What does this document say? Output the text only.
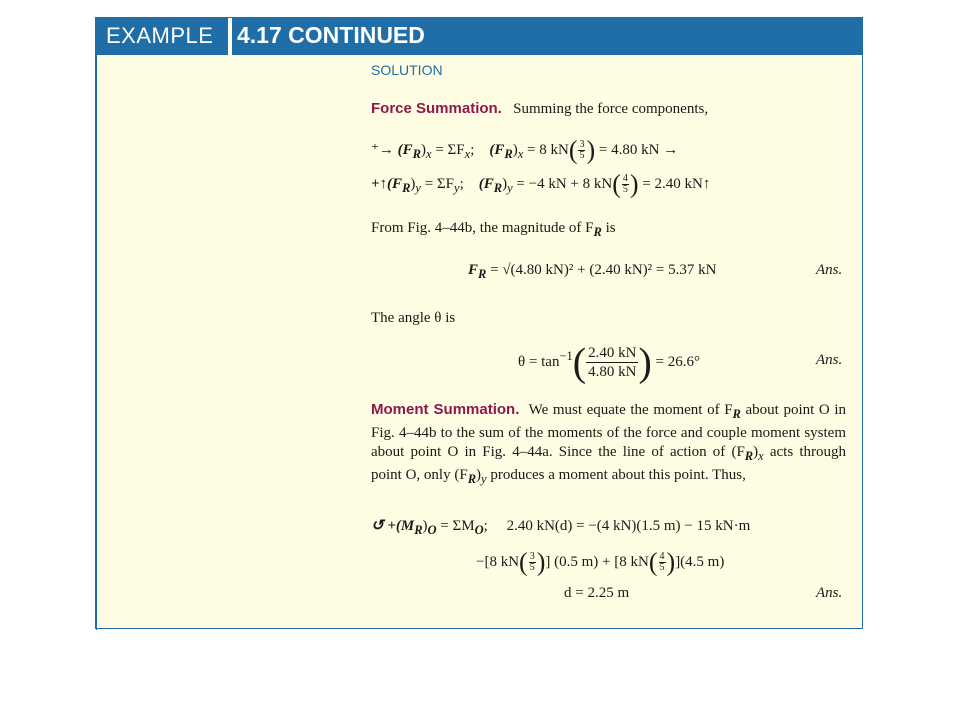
EXAMPLE 4.17 CONTINUED
SOLUTION
Force Summation. Summing the force components,
⁺→ $(F_R)_x = \Sigma F_x$;    $(F_R)_x = 8$ $kN( \frac{3}{5}$ ) = 4.80 kN →
$+↑(F_R)_y = \Sigma F_y$;    $(F_R)_y = -4$ kN + 8 $kN( \frac{4}{5}$ ) = 2.40 kN↑
From Fig. 4–44b, the magnitude of $F_R$ is
$F_R = √(4.80$ kN)² + (2.40 kN)² = 5.37 kN	Ans.
The angle θ is
$\theta = \tan^{-1}( \frac{2.40 kN}{4.80 kN}$ ) = 26.6°	Ans.
Moment Summation. We must equate the moment of $F_R$ about point O in Fig. 4–44b to the sum of the moments of the force and couple moment system about point O in Fig. 4–44a. Since the line of action of $(F_R)_x$ acts through point O, only $(F_R)_y$ produces a moment about this point. Thus,
↺ $+(M_R)_O = \Sigma M_O$;     2.40 kN(d) = −(4 kN)(1.5 m) − 15 kN·m
−[8 $kN( \frac{3}{5}$ )] (0.5 m) + [8 $kN( \frac{4}{5} )](4.5$ m)
d = 2.25 m	Ans.
